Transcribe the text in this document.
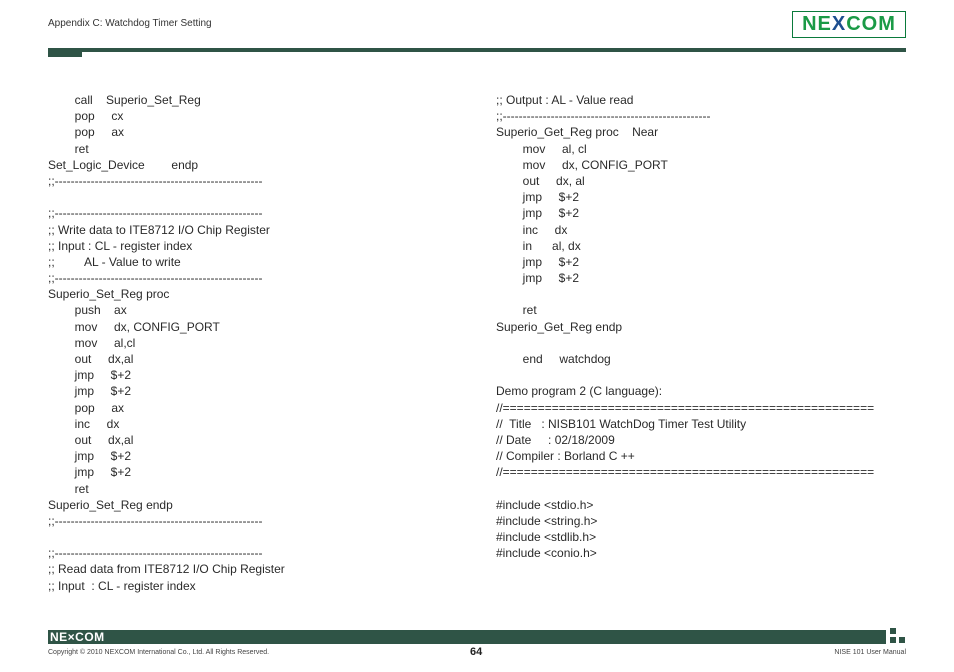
Appendix C: Watchdog Timer Setting	NEXCOM
call    Superio_Set_Reg
pop     cx
pop     ax
ret
Set_Logic_Device        endp
;;----------------------------------------------------
;;----------------------------------------------------
;; Write data to ITE8712 I/O Chip Register
;; Input : CL - register index
;;         AL - Value to write
;;----------------------------------------------------
Superio_Set_Reg proc
push    ax
mov     dx, CONFIG_PORT
mov     al,cl
out     dx,al
jmp     $+2
jmp     $+2
pop     ax
inc     dx
out     dx,al
jmp     $+2
jmp     $+2
ret
Superio_Set_Reg endp
;;----------------------------------------------------
;;----------------------------------------------------
;; Read data from ITE8712 I/O Chip Register
;; Input  : CL - register index
;; Output : AL - Value read
;;----------------------------------------------------
Superio_Get_Reg proc    Near
mov     al, cl
mov     dx, CONFIG_PORT
out     dx, al
jmp     $+2
jmp     $+2
inc     dx
in      al, dx
jmp     $+2
jmp     $+2
ret
Superio_Get_Reg endp
end     watchdog
Demo program 2 (C language):
//=====================================================
//  Title   : NISB101 WatchDog Timer Test Utility
// Date     : 02/18/2009
// Compiler : Borland C ++
//=====================================================
#include <stdio.h>
#include <string.h>
#include <stdlib.h>
#include <conio.h>
NE×COM
Copyright © 2010 NEXCOM International Co., Ltd. All Rights Reserved.	64	NISE 101 User Manual
